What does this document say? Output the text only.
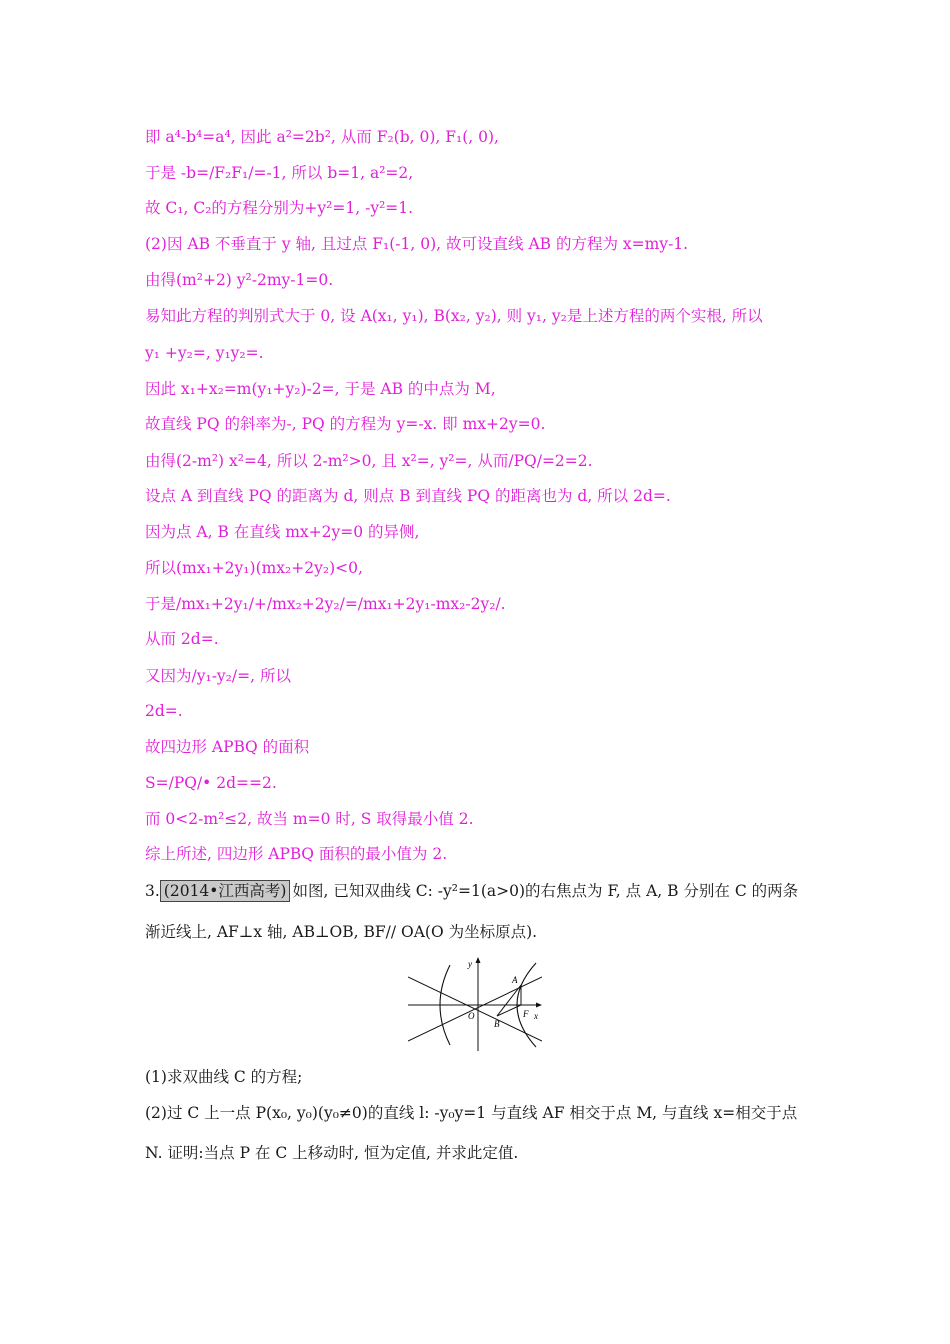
即 a⁴-b⁴=a⁴, 因此 a²=2b², 从而 F₂(b, 0), F₁(, 0),
于是 -b=/F₂F₁/=-1, 所以 b=1, a²=2,
故 C₁, C₂的方程分别为+y²=1, -y²=1.
(2)因 AB 不垂直于 y 轴, 且过点 F₁(-1, 0), 故可设直线 AB 的方程为 x=my-1.
由得(m²+2) y²-2my-1=0.
易知此方程的判别式大于 0, 设 A(x₁, y₁), B(x₂, y₂), 则 y₁, y₂是上述方程的两个实根, 所以
y₁ +y₂=, y₁y₂=.
因此 x₁+x₂=m(y₁+y₂)-2=, 于是 AB 的中点为 M,
故直线 PQ 的斜率为-, PQ 的方程为 y=-x. 即 mx+2y=0.
由得(2-m²) x²=4, 所以 2-m²>0, 且 x²=, y²=, 从而/PQ/=2=2.
设点 A 到直线 PQ 的距离为 d, 则点 B 到直线 PQ 的距离也为 d, 所以 2d=.
因为点 A, B 在直线 mx+2y=0 的异侧,
所以(mx₁+2y₁)(mx₂+2y₂)<0,
于是/mx₁+2y₁/+/mx₂+2y₂/=/mx₁+2y₁-mx₂-2y₂/.
从而 2d=.
又因为/y₁-y₂/=, 所以
2d=.
故四边形 APBQ 的面积
S=/PQ/• 2d==2.
而 0<2-m²≤2, 故当 m=0 时, S 取得最小值 2.
综上所述, 四边形 APBQ 面积的最小值为 2.
3. (2014•江西高考) 如图, 已知双曲线 C: -y²=1(a>0)的右焦点为 F, 点 A, B 分别在 C 的两条
渐近线上, AF⊥x 轴, AB⊥OB, BF// OA(O 为坐标原点).
y
x
O
A
B
F
(1)求双曲线 C 的方程;
(2)过 C 上一点 P(x₀, y₀)(y₀≠0)的直线 l: -y₀y=1 与直线 AF 相交于点 M, 与直线 x=相交于点
N. 证明:当点 P 在 C 上移动时, 恒为定值, 并求此定值.
